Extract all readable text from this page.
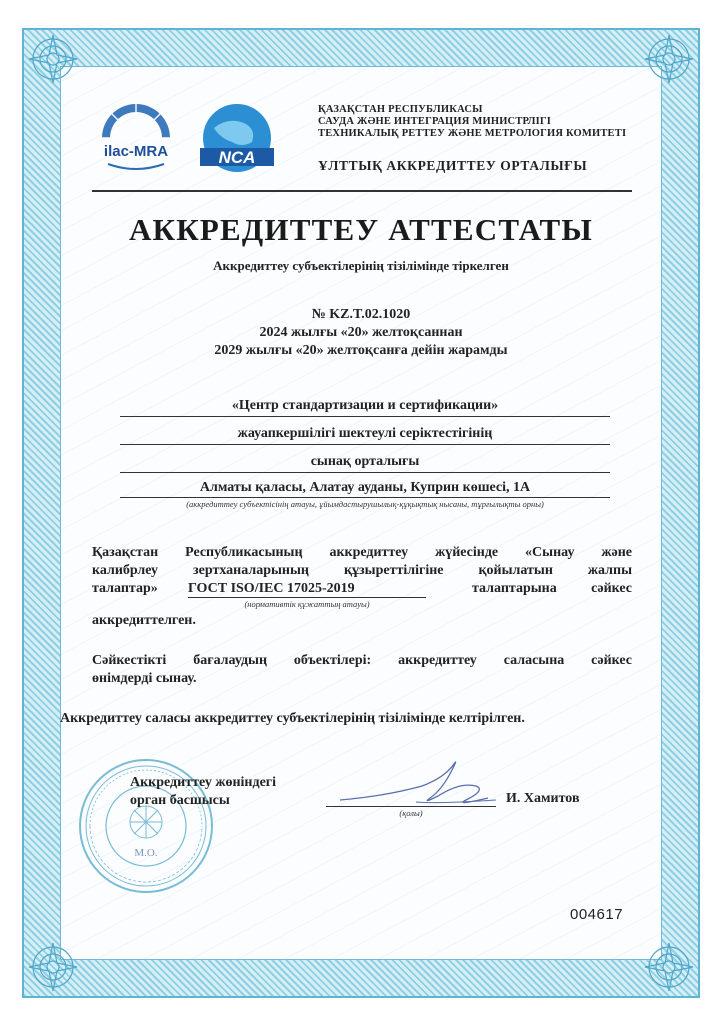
ilac-MRA	NCA
ҚАЗАҚСТАН РЕСПУБЛИКАСЫ
САУДА ЖӘНЕ ИНТЕГРАЦИЯ МИНИСТРЛІГІ
ТЕХНИКАЛЫҚ РЕТТЕУ ЖӘНЕ МЕТРОЛОГИЯ КОМИТЕТІ
ҰЛТТЫҚ АККРЕДИТТЕУ ОРТАЛЫҒЫ
АККРЕДИТТЕУ АТТЕСТАТЫ
Аккредиттеу субъектілерінің тізілімінде тіркелген
№ KZ.T.02.1020
2024 жылғы «20» желтоқсаннан
2029 жылғы «20» желтоқсанға дейін жарамды
«Центр стандартизации и сертификации»
жауапкершілігі шектеулі серіктестігінің
сынақ орталығы
Алматы қаласы, Алатау ауданы, Куприн көшесі, 1А
(аккредиттеу субъектісінің атауы, ұйымдастырушылық-құқықтық нысаны, тұрғылықты орны)
Қазақстан Республикасының аккредиттеу жүйесінде «Сынау және
калибрлеу зертханаларының құзыреттілігіне қойылатын жалпы
талаптар» ГОСТ ISO/IEC 17025-2019
(нормативтік құжаттың атауы)
талаптарына сәйкес
аккредиттелген.
Сәйкестікті бағалаудың объектілері: аккредиттеу саласына сәйкес
өнімдерді сынау.
Аккредиттеу саласы аккредиттеу субъектілерінің тізілімінде келтірілген.
М.О.
Аккредиттеу жөніндегі
орган басшысы
(қолы)
И. Хамитов
004617
